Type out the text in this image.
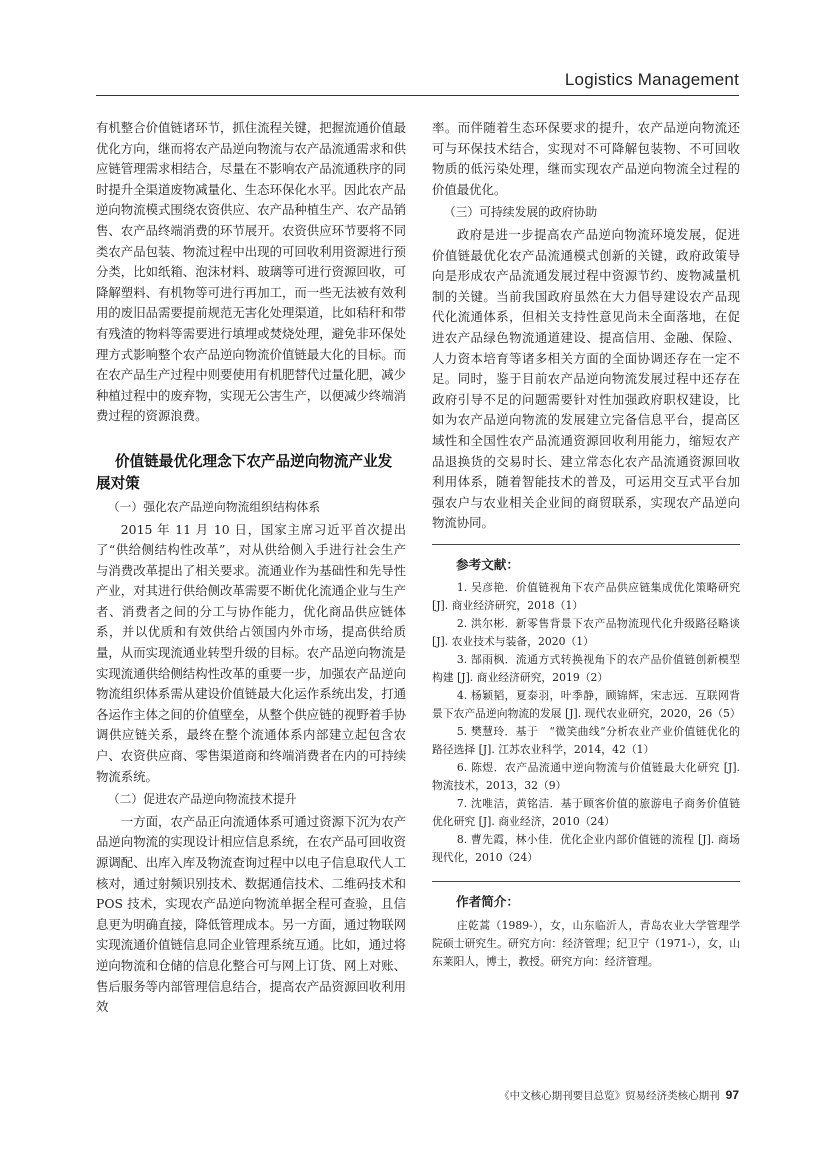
Logistics Management

有机整合价值链诸环节，抓住流程关键，把握流通价值最优化方向，继而将农产品逆向物流与农产品流通需求和供应链管理需求相结合，尽量在不影响农产品流通秩序的同时提升全渠道废物减量化、生态环保化水平。因此农产品逆向物流模式围绕农资供应、农产品种植生产、农产品销售、农产品终端消费的环节展开。农资供应环节要将不同类农产品包装、物流过程中出现的可回收利用资源进行预分类，比如纸箱、泡沫材料、玻璃等可进行资源回收，可降解塑料、有机物等可进行再加工，而一些无法被有效利用的废旧品需要提前规范无害化处理渠道，比如秸秆和带有残渣的物料等需要进行填埋或焚烧处理，避免非环保处理方式影响整个农产品逆向物流价值链最大化的目标。而在农产品生产过程中则要使用有机肥替代过量化肥，减少种植过程中的废弃物，实现无公害生产，以便减少终端消费过程的资源浪费。

价值链最优化理念下农产品逆向物流产业发展对策
（一）强化农产品逆向物流组织结构体系

2015 年 11 月 10 日，国家主席习近平首次提出了“供给侧结构性改革”，对从供给侧入手进行社会生产与消费改革提出了相关要求。流通业作为基础性和先导性产业，对其进行供给侧改革需要不断优化流通企业与生产者、消费者之间的分工与协作能力，优化商品供应链体系，并以优质和有效供给占领国内外市场，提高供给质量，从而实现流通业转型升级的目标。农产品逆向物流是实现流通供给侧结构性改革的重要一步，加强农产品逆向物流组织体系需从建设价值链最大化运作系统出发，打通各运作主体之间的价值壁垒，从整个供应链的视野着手协调供应链关系，最终在整个流通体系内部建立起包含农户、农资供应商、零售渠道商和终端消费者在内的可持续物流系统。

（二）促进农产品逆向物流技术提升

一方面，农产品正向流通体系可通过资源下沉为农产品逆向物流的实现设计相应信息系统，在农产品可回收资源调配、出库入库及物流查询过程中以电子信息取代人工核对，通过射频识别技术、数据通信技术、二维码技术和 POS 技术，实现农产品逆向物流单据全程可查验，且信息更为明确直接，降低管理成本。另一方面，通过物联网实现流通价值链信息同企业管理系统互通。比如，通过将逆向物流和仓储的信息化整合可与网上订货、网上对账、售后服务等内部管理信息结合，提高农产品资源回收利用效

率。而伴随着生态环保要求的提升，农产品逆向物流还可与环保技术结合，实现对不可降解包装物、不可回收物质的低污染处理，继而实现农产品逆向物流全过程的价值最优化。

（三）可持续发展的政府协助

政府是进一步提高农产品逆向物流环境发展，促进价值链最优化农产品流通模式创新的关键，政府政策导向是形成农产品流通发展过程中资源节约、废物减量机制的关键。当前我国政府虽然在大力倡导建设农产品现代化流通体系，但相关支持性意见尚未全面落地，在促进农产品绿色物流通道建设、提高信用、金融、保险、人力资本培育等诸多相关方面的全面协调还存在一定不足。同时，鉴于目前农产品逆向物流发展过程中还存在政府引导不足的问题需要针对性加强政府职权建设，比如为农产品逆向物流的发展建立完备信息平台，提高区域性和全国性农产品流通资源回收利用能力，缩短农产品退换货的交易时长、建立常态化农产品流通资源回收利用体系，随着智能技术的普及，可运用交互式平台加强农户与农业相关企业间的商贸联系，实现农产品逆向物流协同。

参考文献：

1. 吴彦艳．价值链视角下农产品供应链集成优化策略研究 [J]. 商业经济研究，2018（1）

2. 洪尔彬．新零售背景下农产品物流现代化升级路径略谈 [J]. 农业技术与装备，2020（1）

3. 郜雨枫．流通方式转换视角下的农产品价值链创新模型构建 [J]. 商业经济研究，2019（2）

4. 杨颖韬，夏泰羽，叶季静，顾锦辉，宋志远．互联网背景下农产品逆向物流的发展 [J]. 现代农业研究，2020，26（5）

5. 樊慧玲．基于　“微笑曲线”分析农业产业价值链优化的路径选择 [J]. 江苏农业科学，2014，42（1）

6. 陈煜．农产品流通中逆向物流与价值链最大化研究 [J]. 物流技术，2013，32（9）

7. 沈唯洁，黄铭洁．基于顾客价值的旅游电子商务价值链优化研究 [J]. 商业经济，2010（24）

8. 曹先霞，林小佳．优化企业内部价值链的流程 [J]. 商场现代化，2010（24）

作者简介：

庄乾蒿（1989-），女，山东临沂人，青岛农业大学管理学院硕士研究生。研究方向：经济管理；纪卫宁（1971-），女，山东莱阳人，博士，教授。研究方向：经济管理。

《中文核心期刊要目总览》贸易经济类核心期刊 97
